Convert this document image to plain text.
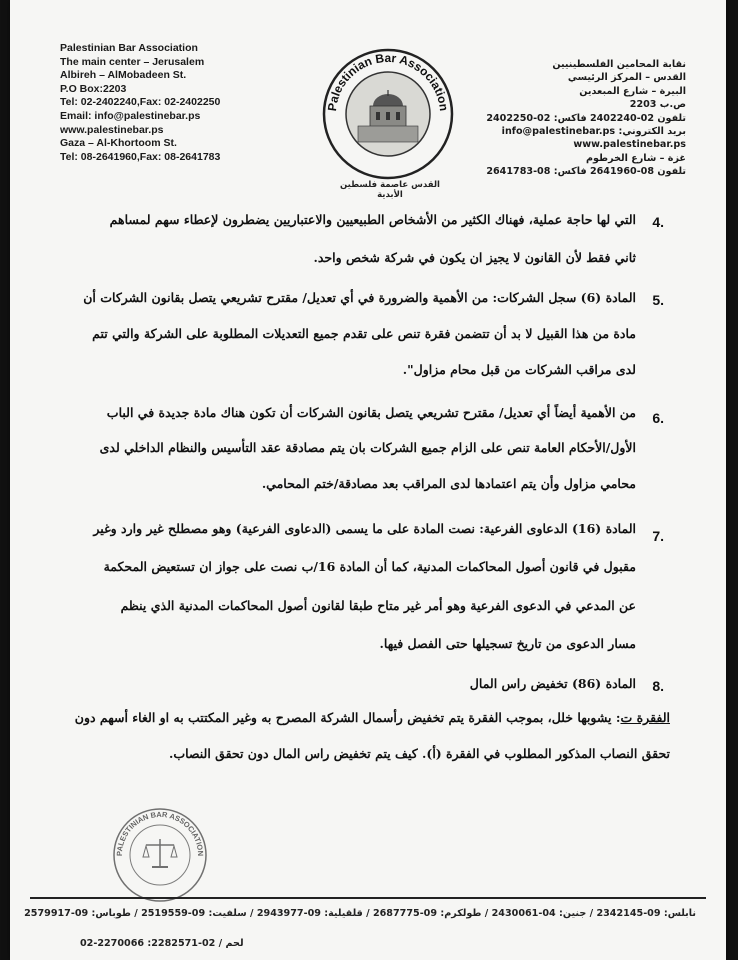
Palestinian Bar Association
The main center – Jerusalem
Albireh – AlMobadeen St.
P.O Box:2203
Tel: 02-2402240,Fax: 02-2402250
Email: info@palestinebar.ps
www.palestinebar.ps
Gaza – Al-Khortoom St.
Tel: 08-2641960,Fax: 08-2641783
Palestinian Bar Association
القدس عاصمة فلسطين الأبدية
نقابة المحامين الفلسطينيين
القدس – المركز الرئيسي
البيرة – شارع المبعدين
ص.ب 2203
تلفون 02-2402240 فاكس: 02-2402250
بريد الكتروني: info@palestinebar.ps
www.palestinebar.ps
غزة – شارع الخرطوم
تلفون 08-2641960 فاكس: 08-2641783
4.
التي لها حاجة عملية، فهناك الكثير من الأشخاص الطبيعيين والاعتباريين يضطرون لإعطاء سهم لمساهم
ثاني فقط لأن القانون لا يجيز ان يكون في شركة شخص واحد.
5.
المادة (6) سجل الشركات: من الأهمية والضرورة في أي تعديل/ مقترح تشريعي يتصل بقانون الشركات أن
مادة من هذا القبيل لا بد أن تتضمن فقرة تنص على تقدم جميع التعديلات المطلوبة على الشركة والتي تتم
لدى مراقب الشركات من قبل محام مزاول".
6.
من الأهمية أيضاً أي تعديل/ مقترح تشريعي يتصل بقانون الشركات أن تكون هناك مادة جديدة في الباب
الأول/الأحكام العامة تنص على الزام جميع الشركات بان يتم مصادقة عقد التأسيس والنظام الداخلي لدى
محامي مزاول وأن يتم اعتمادها لدى المراقب بعد مصادقة/ختم المحامي.
7.
المادة (16) الدعاوى الفرعية: نصت المادة على ما يسمى (الدعاوى الفرعية) وهو مصطلح غير وارد وغير
مقبول في قانون أصول المحاكمات المدنية، كما أن المادة 16/ب نصت على جواز ان تستعيض المحكمة
عن المدعي في الدعوى الفرعية وهو أمر غير متاح طبقا لقانون أصول المحاكمات المدنية الذي ينظم
مسار الدعوى من تاريخ تسجيلها حتى الفصل فيها.
8.
المادة (86) تخفيض راس المال
الفقرة ت: يشوبها خلل، بموجب الفقرة يتم تخفيض رأسمال الشركة المصرح به وغير المكتتب به او الغاء أسهم دون
تحقق النصاب المذكور المطلوب في الفقرة (أ). كيف يتم تخفيض راس المال دون تحقق النصاب.
PALESTINIAN BAR ASSOCIATION
نابلس: 09-2342145 / جنين: 04-2430061 / طولكرم: 09-2687775 / قلقيلية: 09-2943977 / سلفيت: 09-2519559 / طوباس: 09-2579917
02-2270066 :لحم / 02-2282571
